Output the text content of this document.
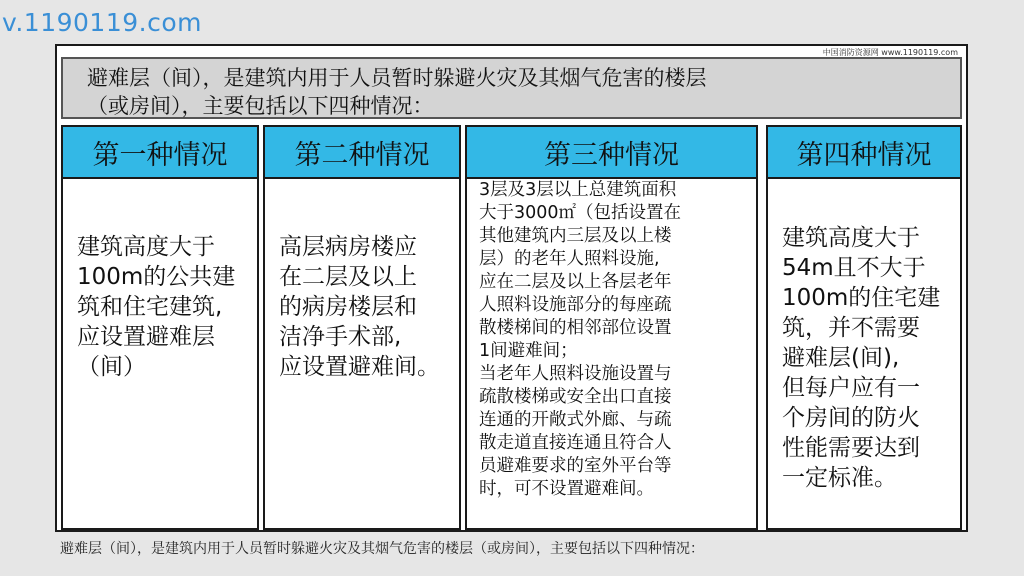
v.1190119.com
中国消防资源网 www.1190119.com
避难层（间），是建筑内用于人员暂时躲避火灾及其烟气危害的楼层
（或房间），主要包括以下四种情况：
第一种情况
建筑高度大于
100m的公共建
筑和住宅建筑,
应设置避难层
（间）
第二种情况
高层病房楼应
在二层及以上
的病房楼层和
洁净手术部,
应设置避难间。
第三种情况
3层及3层以上总建筑面积
大于3000㎡（包括设置在
其他建筑内三层及以上楼
层）的老年人照料设施,
应在二层及以上各层老年
人照料设施部分的每座疏
散楼梯间的相邻部位设置
1间避难间；
当老年人照料设施设置与
疏散楼梯或安全出口直接
连通的开敞式外廊、与疏
散走道直接连通且符合人
员避难要求的室外平台等
时，可不设置避难间。
第四种情况
建筑高度大于
54m且不大于
100m的住宅建
筑，并不需要
避难层(间),
但每户应有一
个房间的防火
性能需要达到
一定标准。
避难层（间），是建筑内用于人员暂时躲避火灾及其烟气危害的楼层（或房间），主要包括以下四种情况：
